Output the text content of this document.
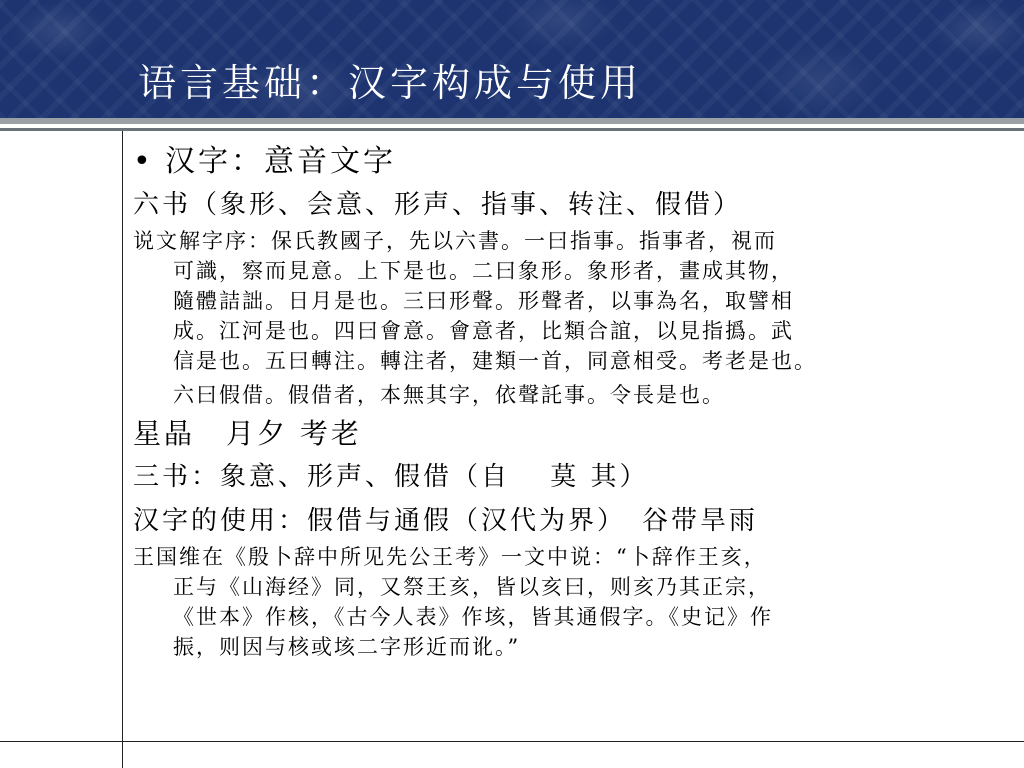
语言基础：汉字构成与使用
• 汉字：意音文字
六书（象形、会意、形声、指事、转注、假借）
说文解字序：保氏教國子，先以六書。一曰指事。指事者，視而
可識，察而見意。上下是也。二曰象形。象形者，畫成其物，
隨體詰詘。日月是也。三曰形聲。形聲者，以事為名，取譬相
成。江河是也。四曰會意。會意者，比類合誼，以見指撝。武
信是也。五曰轉注。轉注者，建類一首，同意相受。考老是也。
六曰假借。假借者，本無其字，依聲託事。令長是也。
星晶　月夕 考老
三书：象意、形声、假借（自　 莫 其）
汉字的使用：假借与通假（汉代为界）　谷带旱雨
王国维在《殷卜辞中所见先公王考》一文中说：“卜辞作王亥，
正与《山海经》同，又祭王亥，皆以亥曰，则亥乃其正宗，
《世本》作核，《古今人表》作垓，皆其通假字。《史记》作
振，则因与核或垓二字形近而讹。”
